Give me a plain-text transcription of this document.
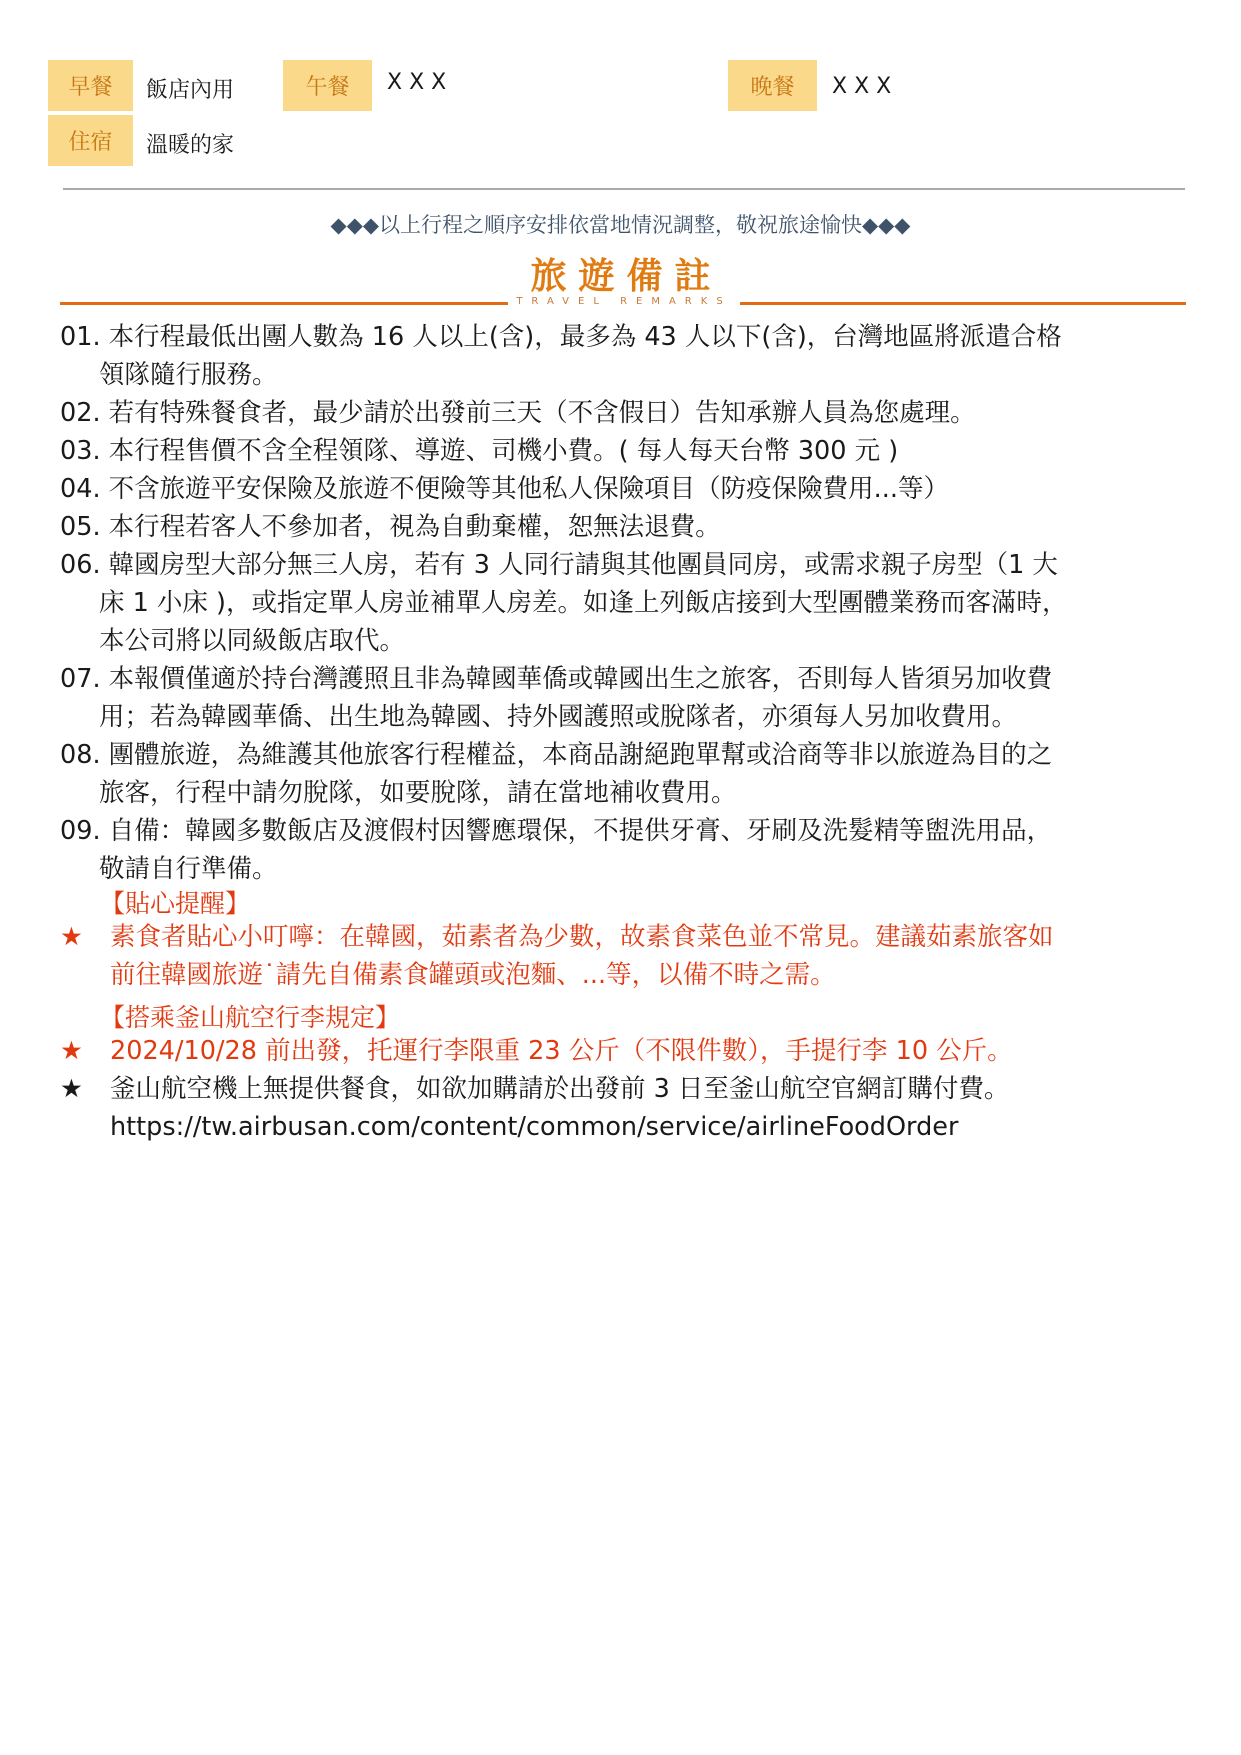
早餐	飯店內用	午餐	X X X	晚餐	X X X
住宿	溫暖的家
◆◆◆以上行程之順序安排依當地情況調整，敬祝旅途愉快◆◆◆
旅遊備註
TRAVEL REMARKS
01. 本行程最低出團人數為 16 人以上(含)，最多為 43 人以下(含)，台灣地區將派遣合格
領隊隨行服務。
02. 若有特殊餐食者，最少請於出發前三天（不含假日）告知承辦人員為您處理。
03. 本行程售價不含全程領隊、導遊、司機小費。( 每人每天台幣 300 元 )
04. 不含旅遊平安保險及旅遊不便險等其他私人保險項目（防疫保險費用...等）
05. 本行程若客人不參加者，視為自動棄權，恕無法退費。
06. 韓國房型大部分無三人房，若有 3 人同行請與其他團員同房，或需求親子房型（1 大
床 1 小床 )，或指定單人房並補單人房差。如逢上列飯店接到大型團體業務而客滿時，
本公司將以同級飯店取代。
07. 本報價僅適於持台灣護照且非為韓國華僑或韓國出生之旅客，否則每人皆須另加收費
用；若為韓國華僑、出生地為韓國、持外國護照或脫隊者，亦須每人另加收費用。
08. 團體旅遊，為維護其他旅客行程權益，本商品謝絕跑單幫或洽商等非以旅遊為目的之
旅客，行程中請勿脫隊，如要脫隊，請在當地補收費用。
09. 自備：韓國多數飯店及渡假村因響應環保，不提供牙膏、牙刷及洗髮精等盥洗用品，
敬請自行準備。
【貼心提醒】
★	素食者貼心小叮嚀：在韓國，茹素者為少數，故素食菜色並不常見。建議茹素旅客如
前往韓國旅遊˙請先自備素食罐頭或泡麵、...等，以備不時之需。
【搭乘釜山航空行李規定】
★	2024/10/28 前出發，托運行李限重 23 公斤（不限件數），手提行李 10 公斤。
★	釜山航空機上無提供餐食，如欲加購請於出發前 3 日至釜山航空官網訂購付費。
https://tw.airbusan.com/content/common/service/airlineFoodOrder
